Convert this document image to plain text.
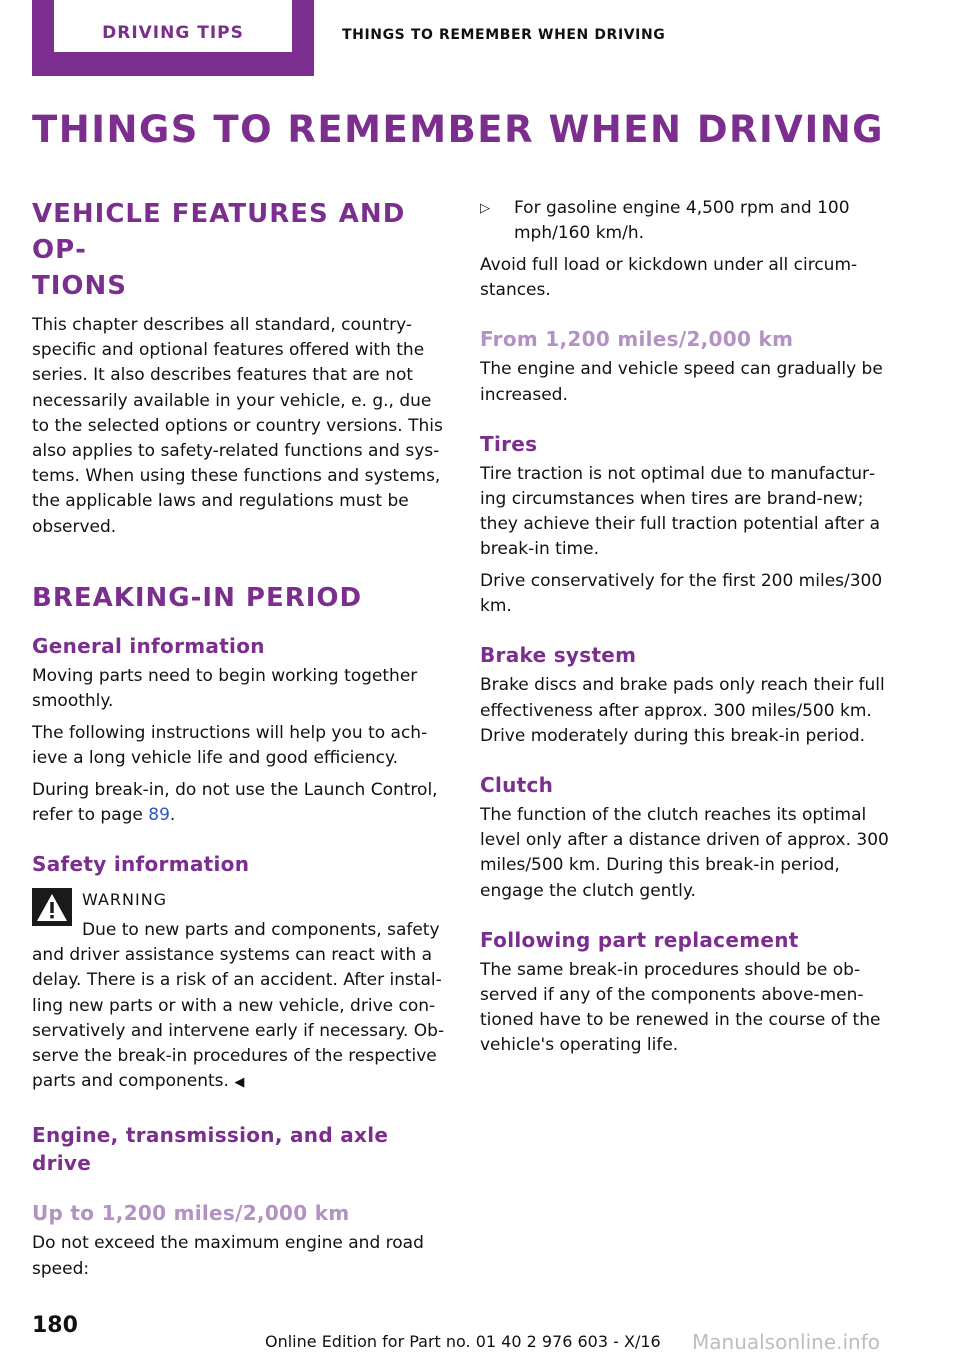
DRIVING TIPS	THINGS TO REMEMBER WHEN DRIVING
THINGS TO REMEMBER WHEN DRIVING
VEHICLE FEATURES AND OP‐
TIONS

This chapter describes all standard, country-specific and optional features offered with the series. It also describes features that are not necessarily available in your vehicle, e. g., due to the selected options or country versions. This also applies to safety-related functions and sys‐tems. When using these functions and systems, the applicable laws and regulations must be observed.

BREAKING-IN PERIOD
General information

Moving parts need to begin working together smoothly.

The following instructions will help you to ach‐ieve a long vehicle life and good efficiency.

During break-in, do not use the Launch Control, refer to page 89.

Safety information
WARNING

Due to new parts and components, safety and driver assistance systems can react with a delay. There is a risk of an accident. After instal‐ling new parts or with a new vehicle, drive con‐servatively and intervene early if necessary. Ob‐serve the break-in procedures of the respective parts and components. ◀

Engine, transmission, and axle drive
Up to 1,200 miles/2,000 km

Do not exceed the maximum engine and road speed:

▷	For gasoline engine 4,500 rpm and 100 mph/160 km/h.

Avoid full load or kickdown under all circum‐stances.

From 1,200 miles/2,000 km

The engine and vehicle speed can gradually be increased.

Tires

Tire traction is not optimal due to manufactur‐ing circumstances when tires are brand-new; they achieve their full traction potential after a break-in time.

Drive conservatively for the first 200 miles/300 km.

Brake system

Brake discs and brake pads only reach their full effectiveness after approx. 300 miles/500 km. Drive moderately during this break-in period.

Clutch

The function of the clutch reaches its optimal level only after a distance driven of approx. 300 miles/500 km. During this break-in period, engage the clutch gently.

Following part replacement

The same break-in procedures should be ob‐served if any of the components above-men‐tioned have to be renewed in the course of the vehicle's operating life.

180
Online Edition for Part no. 01 40 2 976 603 - X/16 Manualsonline.info
